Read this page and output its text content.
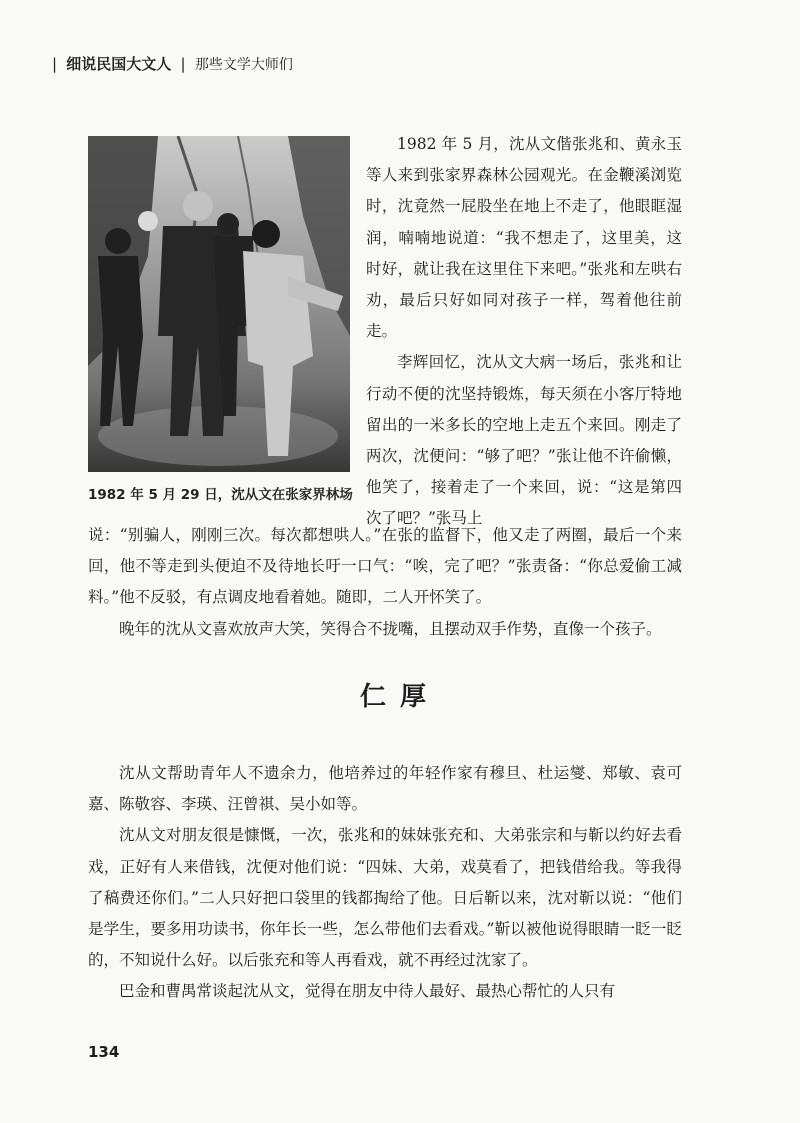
| 细说民国大文人 | 那些文学大师们
1982 年 5 月 29 日，沈从文在张家界林场

1982 年 5 月，沈从文偕张兆和、黄永玉等人来到张家界森林公园观光。在金鞭溪浏览时，沈竟然一屁股坐在地上不走了，他眼眶湿润，喃喃地说道：“我不想走了，这里美，这时好，就让我在这里住下来吧。”张兆和左哄右劝，最后只好如同对孩子一样，驾着他往前走。

李辉回忆，沈从文大病一场后，张兆和让行动不便的沈坚持锻炼，每天须在小客厅特地留出的一米多长的空地上走五个来回。刚走了两次，沈便问：“够了吧？”张让他不许偷懒，他笑了，接着走了一个来回，说：“这是第四次了吧？”张马上

说：“别骗人，刚刚三次。每次都想哄人。”在张的监督下，他又走了两圈，最后一个来回，他不等走到头便迫不及待地长吁一口气：“唉，完了吧？”张责备：“你总爱偷工减料。”他不反驳，有点调皮地看着她。随即，二人开怀笑了。

晚年的沈从文喜欢放声大笑，笑得合不拢嘴，且摆动双手作势，直像一个孩子。

仁厚

沈从文帮助青年人不遗余力，他培养过的年轻作家有穆旦、杜运燮、郑敏、袁可嘉、陈敬容、李瑛、汪曾祺、吴小如等。

沈从文对朋友很是慷慨，一次，张兆和的妹妹张充和、大弟张宗和与靳以约好去看戏，正好有人来借钱，沈便对他们说：“四妹、大弟，戏莫看了，把钱借给我。等我得了稿费还你们。”二人只好把口袋里的钱都掏给了他。日后靳以来，沈对靳以说：“他们是学生，要多用功读书，你年长一些，怎么带他们去看戏。”靳以被他说得眼睛一眨一眨的，不知说什么好。以后张充和等人再看戏，就不再经过沈家了。

巴金和曹禺常谈起沈从文，觉得在朋友中待人最好、最热心帮忙的人只有

134
